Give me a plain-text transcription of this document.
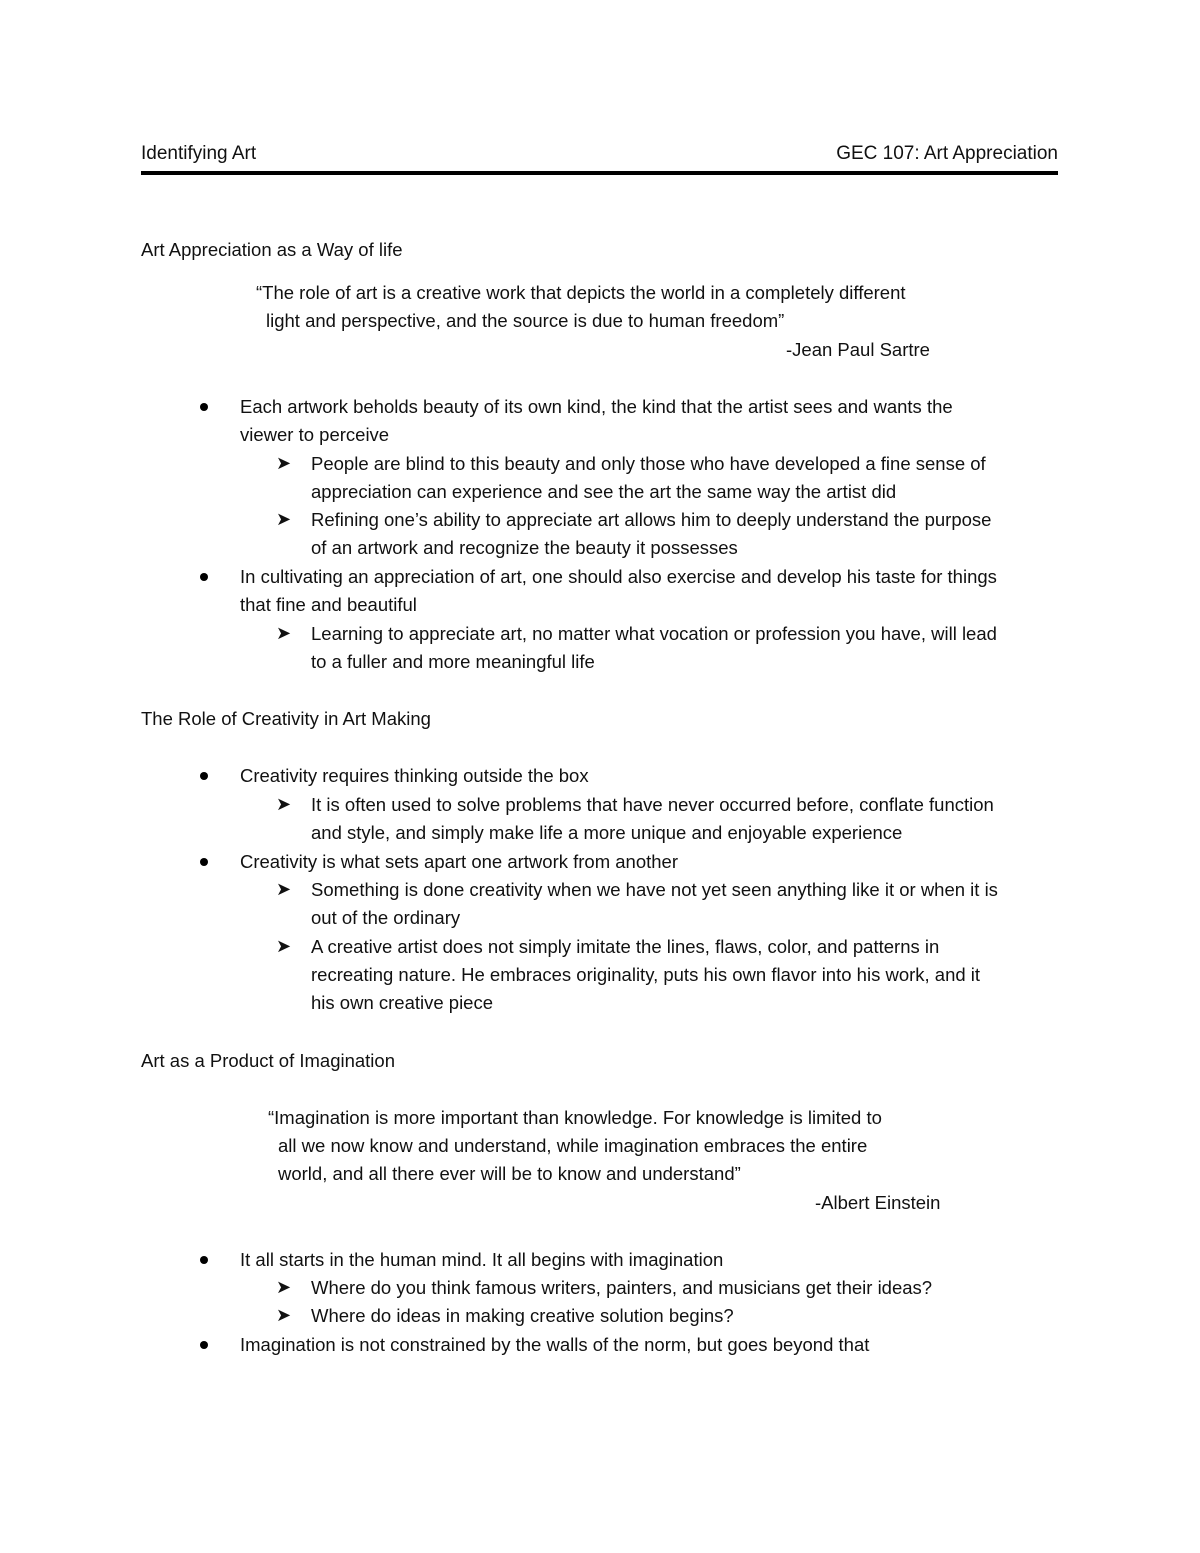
Identifying Art	GEC 107: Art Appreciation
Art Appreciation as a Way of life
“The role of art is a creative work that depicts the world in a completely different
light and perspective, and the source is due to human freedom”
-Jean Paul Sartre
Each artwork beholds beauty of its own kind, the kind that the artist sees and wants the
viewer to perceive
➤ People are blind to this beauty and only those who have developed a fine sense of
appreciation can experience and see the art the same way the artist did
➤ Refining one’s ability to appreciate art allows him to deeply understand the purpose
of an artwork and recognize the beauty it possesses
In cultivating an appreciation of art, one should also exercise and develop his taste for things
that fine and beautiful
➤ Learning to appreciate art, no matter what vocation or profession you have, will lead
to a fuller and more meaningful life
The Role of Creativity in Art Making
Creativity requires thinking outside the box
➤ It is often used to solve problems that have never occurred before, conflate function
and style, and simply make life a more unique and enjoyable experience
Creativity is what sets apart one artwork from another
➤ Something is done creativity when we have not yet seen anything like it or when it is
out of the ordinary
➤ A creative artist does not simply imitate the lines, flaws, color, and patterns in
recreating nature. He embraces originality, puts his own flavor into his work, and it
his own creative piece
Art as a Product of Imagination
“Imagination is more important than knowledge. For knowledge is limited to
all we now know and understand, while imagination embraces the entire
world, and all there ever will be to know and understand”
-Albert Einstein
It all starts in the human mind. It all begins with imagination
➤ Where do you think famous writers, painters, and musicians get their ideas?
➤ Where do ideas in making creative solution begins?
Imagination is not constrained by the walls of the norm, but goes beyond that
